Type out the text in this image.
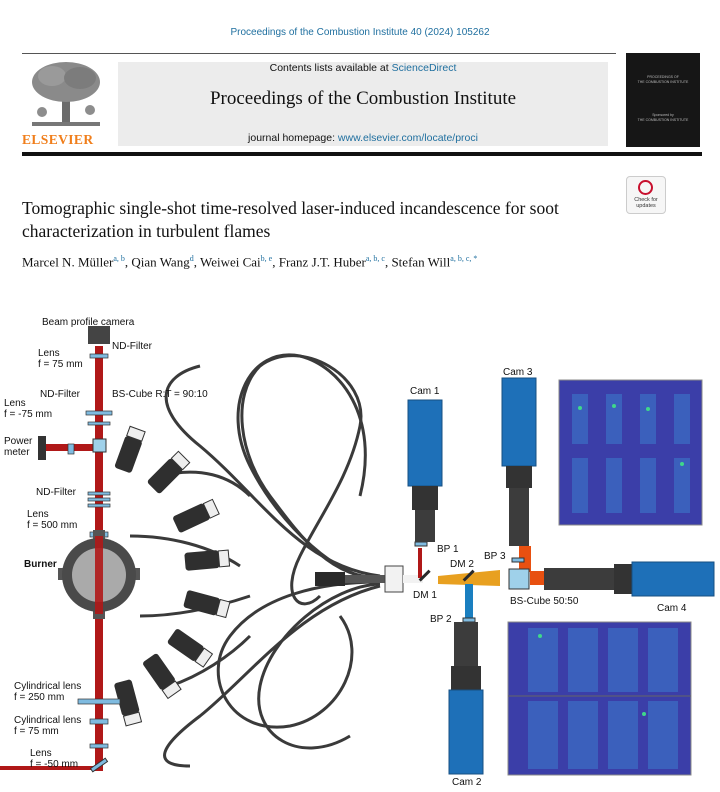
Proceedings of the Combustion Institute 40 (2024) 105262
ELSEVIER
Contents lists available at ScienceDirect
Proceedings of the Combustion Institute
journal homepage: www.elsevier.com/locate/proci
PROCEEDINGS OF
THE COMBUSTION INSTITUTE
Sponsored by
THE COMBUSTION INSTITUTE
Check for
updates
Tomographic single-shot time-resolved laser-induced incandescence for soot characterization in turbulent flames
Marcel N. Müller$^{a, b}$, Qian Wang$^d$, Weiwei Cai$^{b, e}$, Franz J.T. Huber$^{a, b, c}$, Stefan Will$^{a, b, c, *}$
Beam profile camera
Lens
f = 75 mm
ND-Filter
ND-Filter	BS-Cube R:T = 90:10
Lens
f = -75 mm
Power
meter
ND-Filter
Lens
f = 500 mm
Burner
Cylindrical lens
f = 250 mm
Cylindrical lens
f = 75 mm
Lens
f = -50 mm
Cam 1
Cam 3
Cam 2
Cam 4
BP 1
BP 3
BP 2
DM 2
DM 1
BS-Cube 50:50
